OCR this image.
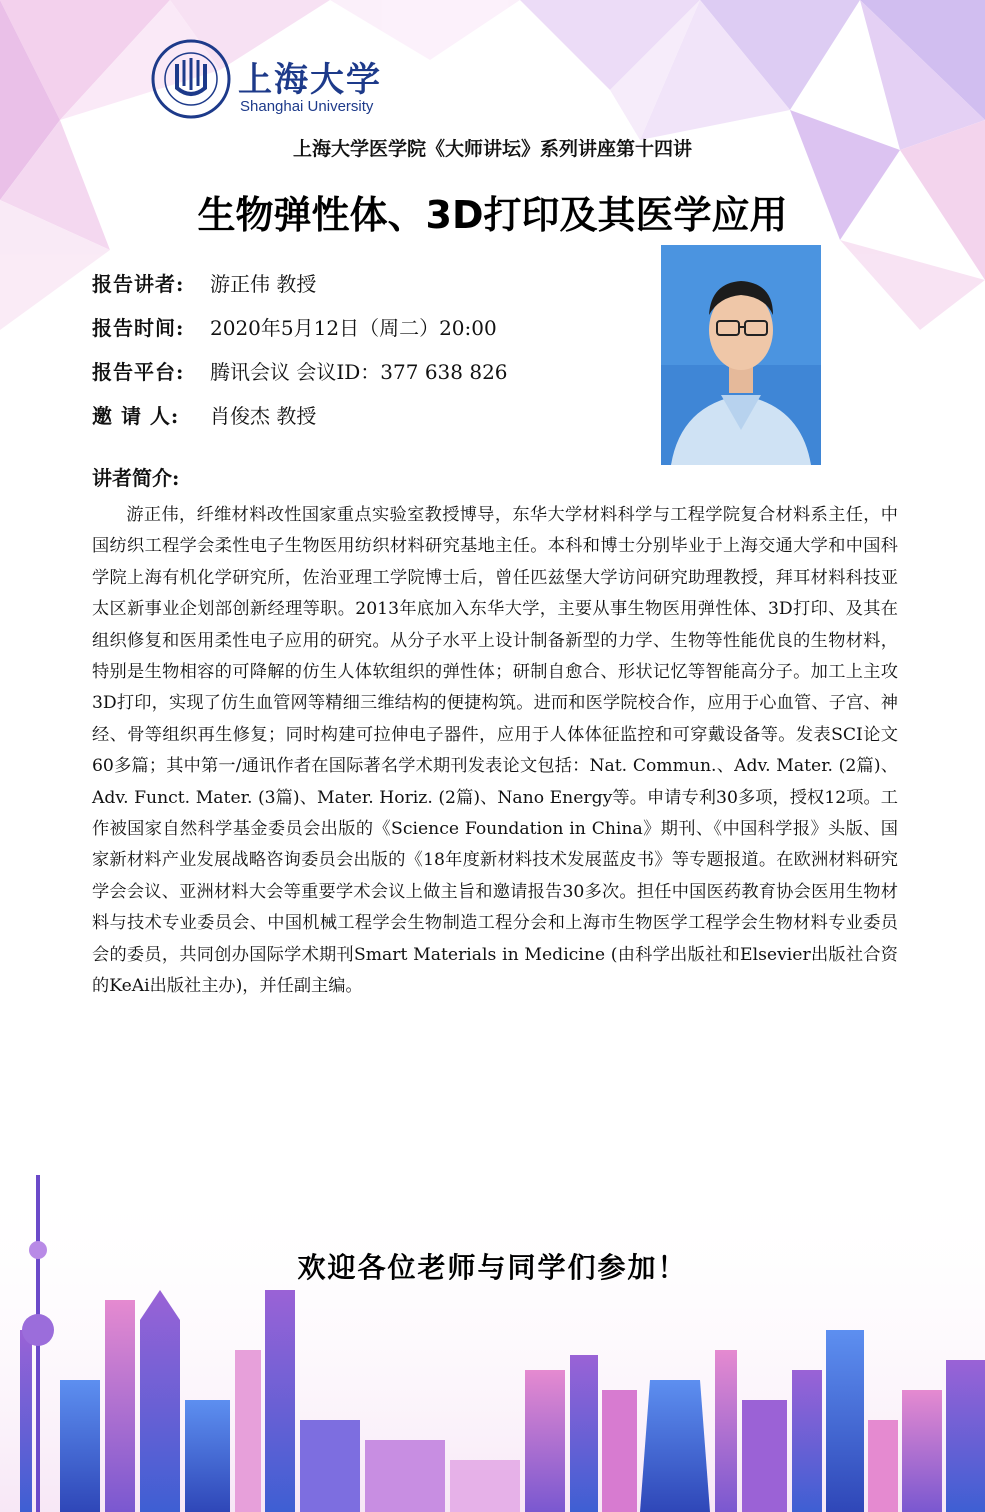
上海大学
Shanghai University
上海大学医学院《大师讲坛》系列讲座第十四讲
生物弹性体、3D打印及其医学应用
报告讲者: 游正伟 教授
报告时间: 2020年5月12日（周二）20:00
报告平台: 腾讯会议 会议ID：377 638 826
邀 请 人: 肖俊杰 教授
讲者简介:
游正伟，纤维材料改性国家重点实验室教授博导，东华大学材料科学与工程学院复合材料系主任，中国纺织工程学会柔性电子生物医用纺织材料研究基地主任。本科和博士分别毕业于上海交通大学和中国科学院上海有机化学研究所，佐治亚理工学院博士后，曾任匹兹堡大学访问研究助理教授，拜耳材料科技亚太区新事业企划部创新经理等职。2013年底加入东华大学，主要从事生物医用弹性体、3D打印、及其在组织修复和医用柔性电子应用的研究。从分子水平上设计制备新型的力学、生物等性能优良的生物材料，特别是生物相容的可降解的仿生人体软组织的弹性体；研制自愈合、形状记忆等智能高分子。加工上主攻3D打印，实现了仿生血管网等精细三维结构的便捷构筑。进而和医学院校合作，应用于心血管、子宫、神经、骨等组织再生修复；同时构建可拉伸电子器件，应用于人体体征监控和可穿戴设备等。发表SCI论文60多篇；其中第一/通讯作者在国际著名学术期刊发表论文包括：Nat. Commun.、Adv. Mater. (2篇)、Adv. Funct. Mater. (3篇)、Mater. Horiz. (2篇)、Nano Energy等。申请专利30多项，授权12项。工作被国家自然科学基金委员会出版的《Science Foundation in China》期刊、《中国科学报》头版、国家新材料产业发展战略咨询委员会出版的《18年度新材料技术发展蓝皮书》等专题报道。在欧洲材料研究学会会议、亚洲材料大会等重要学术会议上做主旨和邀请报告30多次。担任中国医药教育协会医用生物材料与技术专业委员会、中国机械工程学会生物制造工程分会和上海市生物医学工程学会生物材料专业委员会的委员，共同创办国际学术期刊Smart Materials in Medicine (由科学出版社和Elsevier出版社合资的KeAi出版社主办)，并任副主编。
欢迎各位老师与同学们参加！
